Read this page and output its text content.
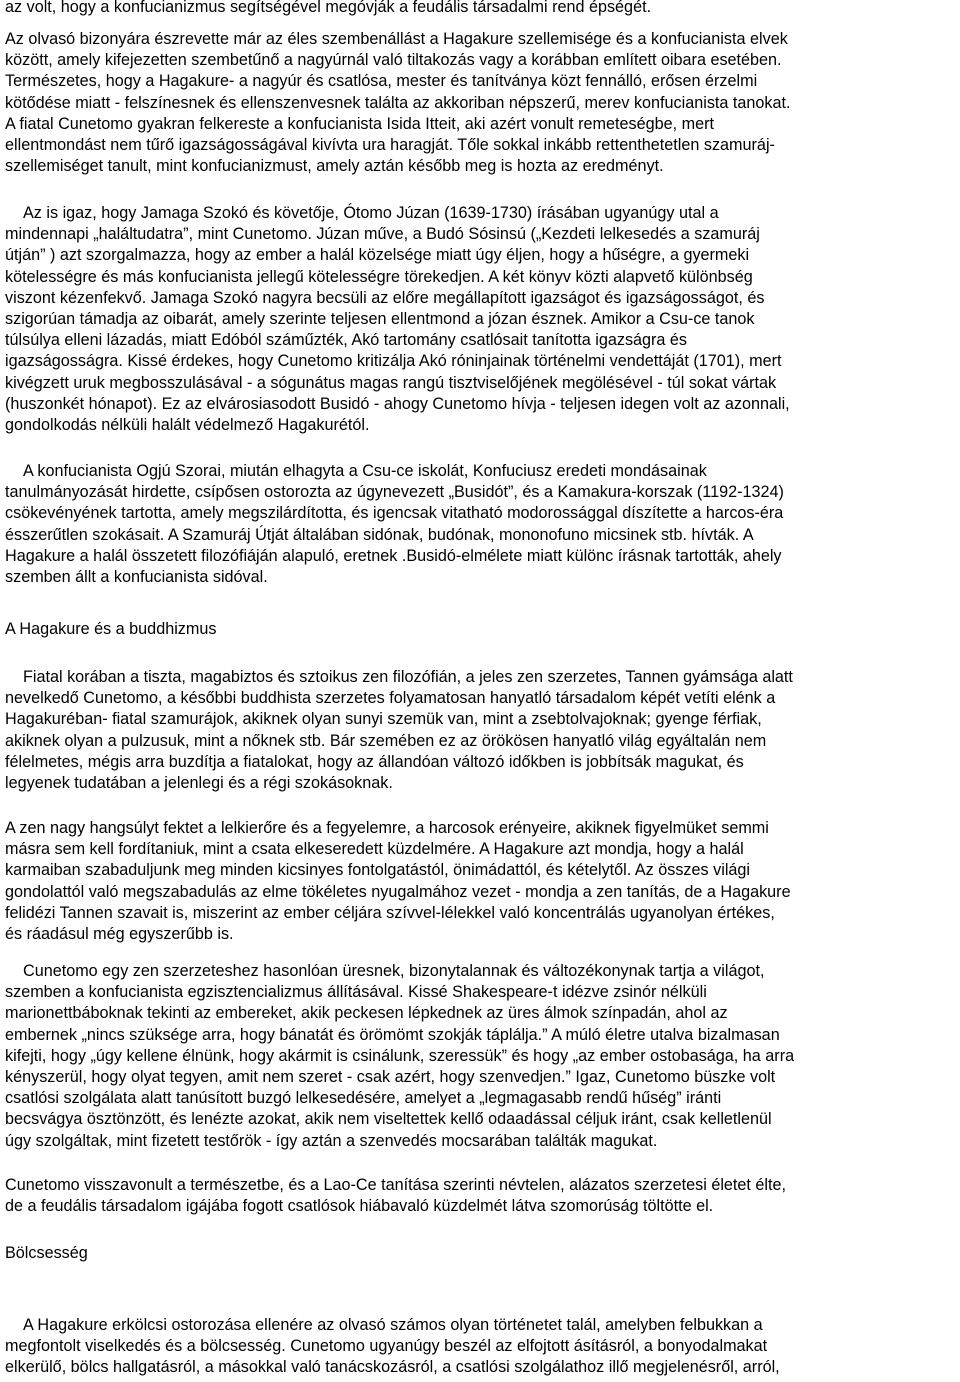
az volt, hogy a konfucianizmus segítségével megóvják a feudális társadalmi rend épségét.
Az olvasó bizonyára észrevette már az éles szembenállást a Hagakure szellemisége és a konfucianista elvek
között, amely kifejezetten szembetűnő a nagyúrnál való tiltakozás vagy a korábban említett oibara esetében.
Természetes, hogy a Hagakure- a nagyúr és csatlósa, mester és tanítványa közt fennálló, erősen érzelmi
kötődése miatt - felszínesnek és ellenszenvesnek találta az akkoriban népszerű, merev konfucianista tanokat.
A fiatal Cunetomo gyakran felkereste a konfucianista Isida Itteit, aki azért vonult remeteségbe, mert
ellentmondást nem tűrő igazságosságával kivívta ura haragját. Tőle sokkal inkább rettenthetetlen szamuráj-
szellemiséget tanult, mint konfucianizmust, amely aztán később meg is hozta az eredményt.
Az is igaz, hogy Jamaga Szokó és követője, Ótomo Júzan (1639-1730) írásában ugyanúgy utal a
mindennapi „haláltudatra”, mint Cunetomo. Júzan műve, a Budó Sósinsú („Kezdeti lelkesedés a szamuráj
útján” ) azt szorgalmazza, hogy az ember a halál közelsége miatt úgy éljen, hogy a hűségre, a gyermeki
kötelességre és más konfucianista jellegű kötelességre törekedjen. A két könyv közti alapvető különbség
viszont kézenfekvő. Jamaga Szokó nagyra becsüli az előre megállapított igazságot és igazságosságot, és
szigorúan támadja az oibarát, amely szerinte teljesen ellentmond a józan észnek. Amikor a Csu-ce tanok
túlsúlya elleni lázadás, miatt Edóból száműzték, Akó tartomány csatlósait tanította igazságra és
igazságosságra. Kissé érdekes, hogy Cunetomo kritizálja Akó róninjainak történelmi vendettáját (1701), mert
kivégzett uruk megbosszulásával - a sógunátus magas rangú tisztviselőjének megölésével - túl sokat vártak
(huszonkét hónapot). Ez az elvárosiasodott Busidó - ahogy Cunetomo hívja - teljesen idegen volt az azonnali,
gondolkodás nélküli halált védelmező Hagakurétól.
A konfucianista Ogjú Szorai, miután elhagyta a Csu-ce iskolát, Konfuciusz eredeti mondásainak
tanulmányozását hirdette, csípősen ostorozta az úgynevezett „Busidót”, és a Kamakura-korszak (1192-1324)
csökevényének tartotta, amely megszilárdította, és igencsak vitatható modorossággal díszítette a harcos-éra
ésszerűtlen szokásait. A Szamuráj Útját általában sidónak, budónak, mononofuno micsinek stb. hívták. A
Hagakure a halál összetett filozófiáján alapuló, eretnek .Busidó-elmélete miatt különc írásnak tartották, ahely
szemben állt a konfucianista sidóval.
A Hagakure és a buddhizmus
Fiatal korában a tiszta, magabiztos és sztoikus zen filozófián, a jeles zen szerzetes, Tannen gyámsága alatt
nevelkedő Cunetomo, a későbbi buddhista szerzetes folyamatosan hanyatló társadalom képét vetíti elénk a
Hagakuréban- fiatal szamurájok, akiknek olyan sunyi szemük van, mint a zsebtolvajoknak; gyenge férfiak,
akiknek olyan a pulzusuk, mint a nőknek stb. Bár szemében ez az örökösen hanyatló világ egyáltalán nem
félelmetes, mégis arra buzdítja a fiatalokat, hogy az állandóan változó időkben is jobbítsák magukat, és
legyenek tudatában a jelenlegi és a régi szokásoknak.
A zen nagy hangsúlyt fektet a lelkierőre és a fegyelemre, a harcosok erényeire, akiknek figyelmüket semmi
másra sem kell fordítaniuk, mint a csata elkeseredett küzdelmére. A Hagakure azt mondja, hogy a halál
karmaiban szabaduljunk meg minden kicsinyes fontolgatástól, önimádattól, és kételytől. Az összes világi
gondolattól való megszabadulás az elme tökéletes nyugalmához vezet - mondja a zen tanítás, de a Hagakure
felidézi Tannen szavait is, miszerint az ember céljára szívvel-lélekkel való koncentrálás ugyanolyan értékes,
és ráadásul még egyszerűbb is.
Cunetomo egy zen szerzeteshez hasonlóan üresnek, bizonytalannak és változékonynak tartja a világot,
szemben a konfucianista egzisztencializmus állításával. Kissé Shakespeare-t idézve zsinór nélküli
marionettbáboknak tekinti az embereket, akik peckesen lépkednek az üres álmok színpadán, ahol az
embernek „nincs szüksége arra, hogy bánatát és örömömt szokják táplálja.” A múló életre utalva bizalmasan
kifejti, hogy „úgy kellene élnünk, hogy akármit is csinálunk, szeressük” és hogy „az ember ostobasága, ha arra
kényszerül, hogy olyat tegyen, amit nem szeret - csak azért, hogy szenvedjen.” Igaz, Cunetomo büszke volt
csatlósi szolgálata alatt tanúsított buzgó lelkesedésére, amelyet a „legmagasabb rendű hűség” iránti
becsvágya ösztönzött, és lenézte azokat, akik nem viseltettek kellő odaadással céljuk iránt, csak kelletlenül
úgy szolgáltak, mint fizetett testőrök - így aztán a szenvedés mocsarában találták magukat.
Cunetomo visszavonult a természetbe, és a Lao-Ce tanítása szerinti névtelen, alázatos szerzetesi életet élte,
de a feudális társadalom igájába fogott csatlósok hiábavaló küzdelmét látva szomorúság töltötte el.
Bölcsesség
A Hagakure erkölcsi ostorozása ellenére az olvasó számos olyan történetet talál, amelyben felbukkan a
megfontolt viselkedés és a bölcsesség. Cunetomo ugyanúgy beszél az elfojtott ásításról, a bonyodalmakat
elkerülő, bölcs hallgatásról, a másokkal való tanácskozásról, a csatlósi szolgálathoz illő megjelenésről, arról,
